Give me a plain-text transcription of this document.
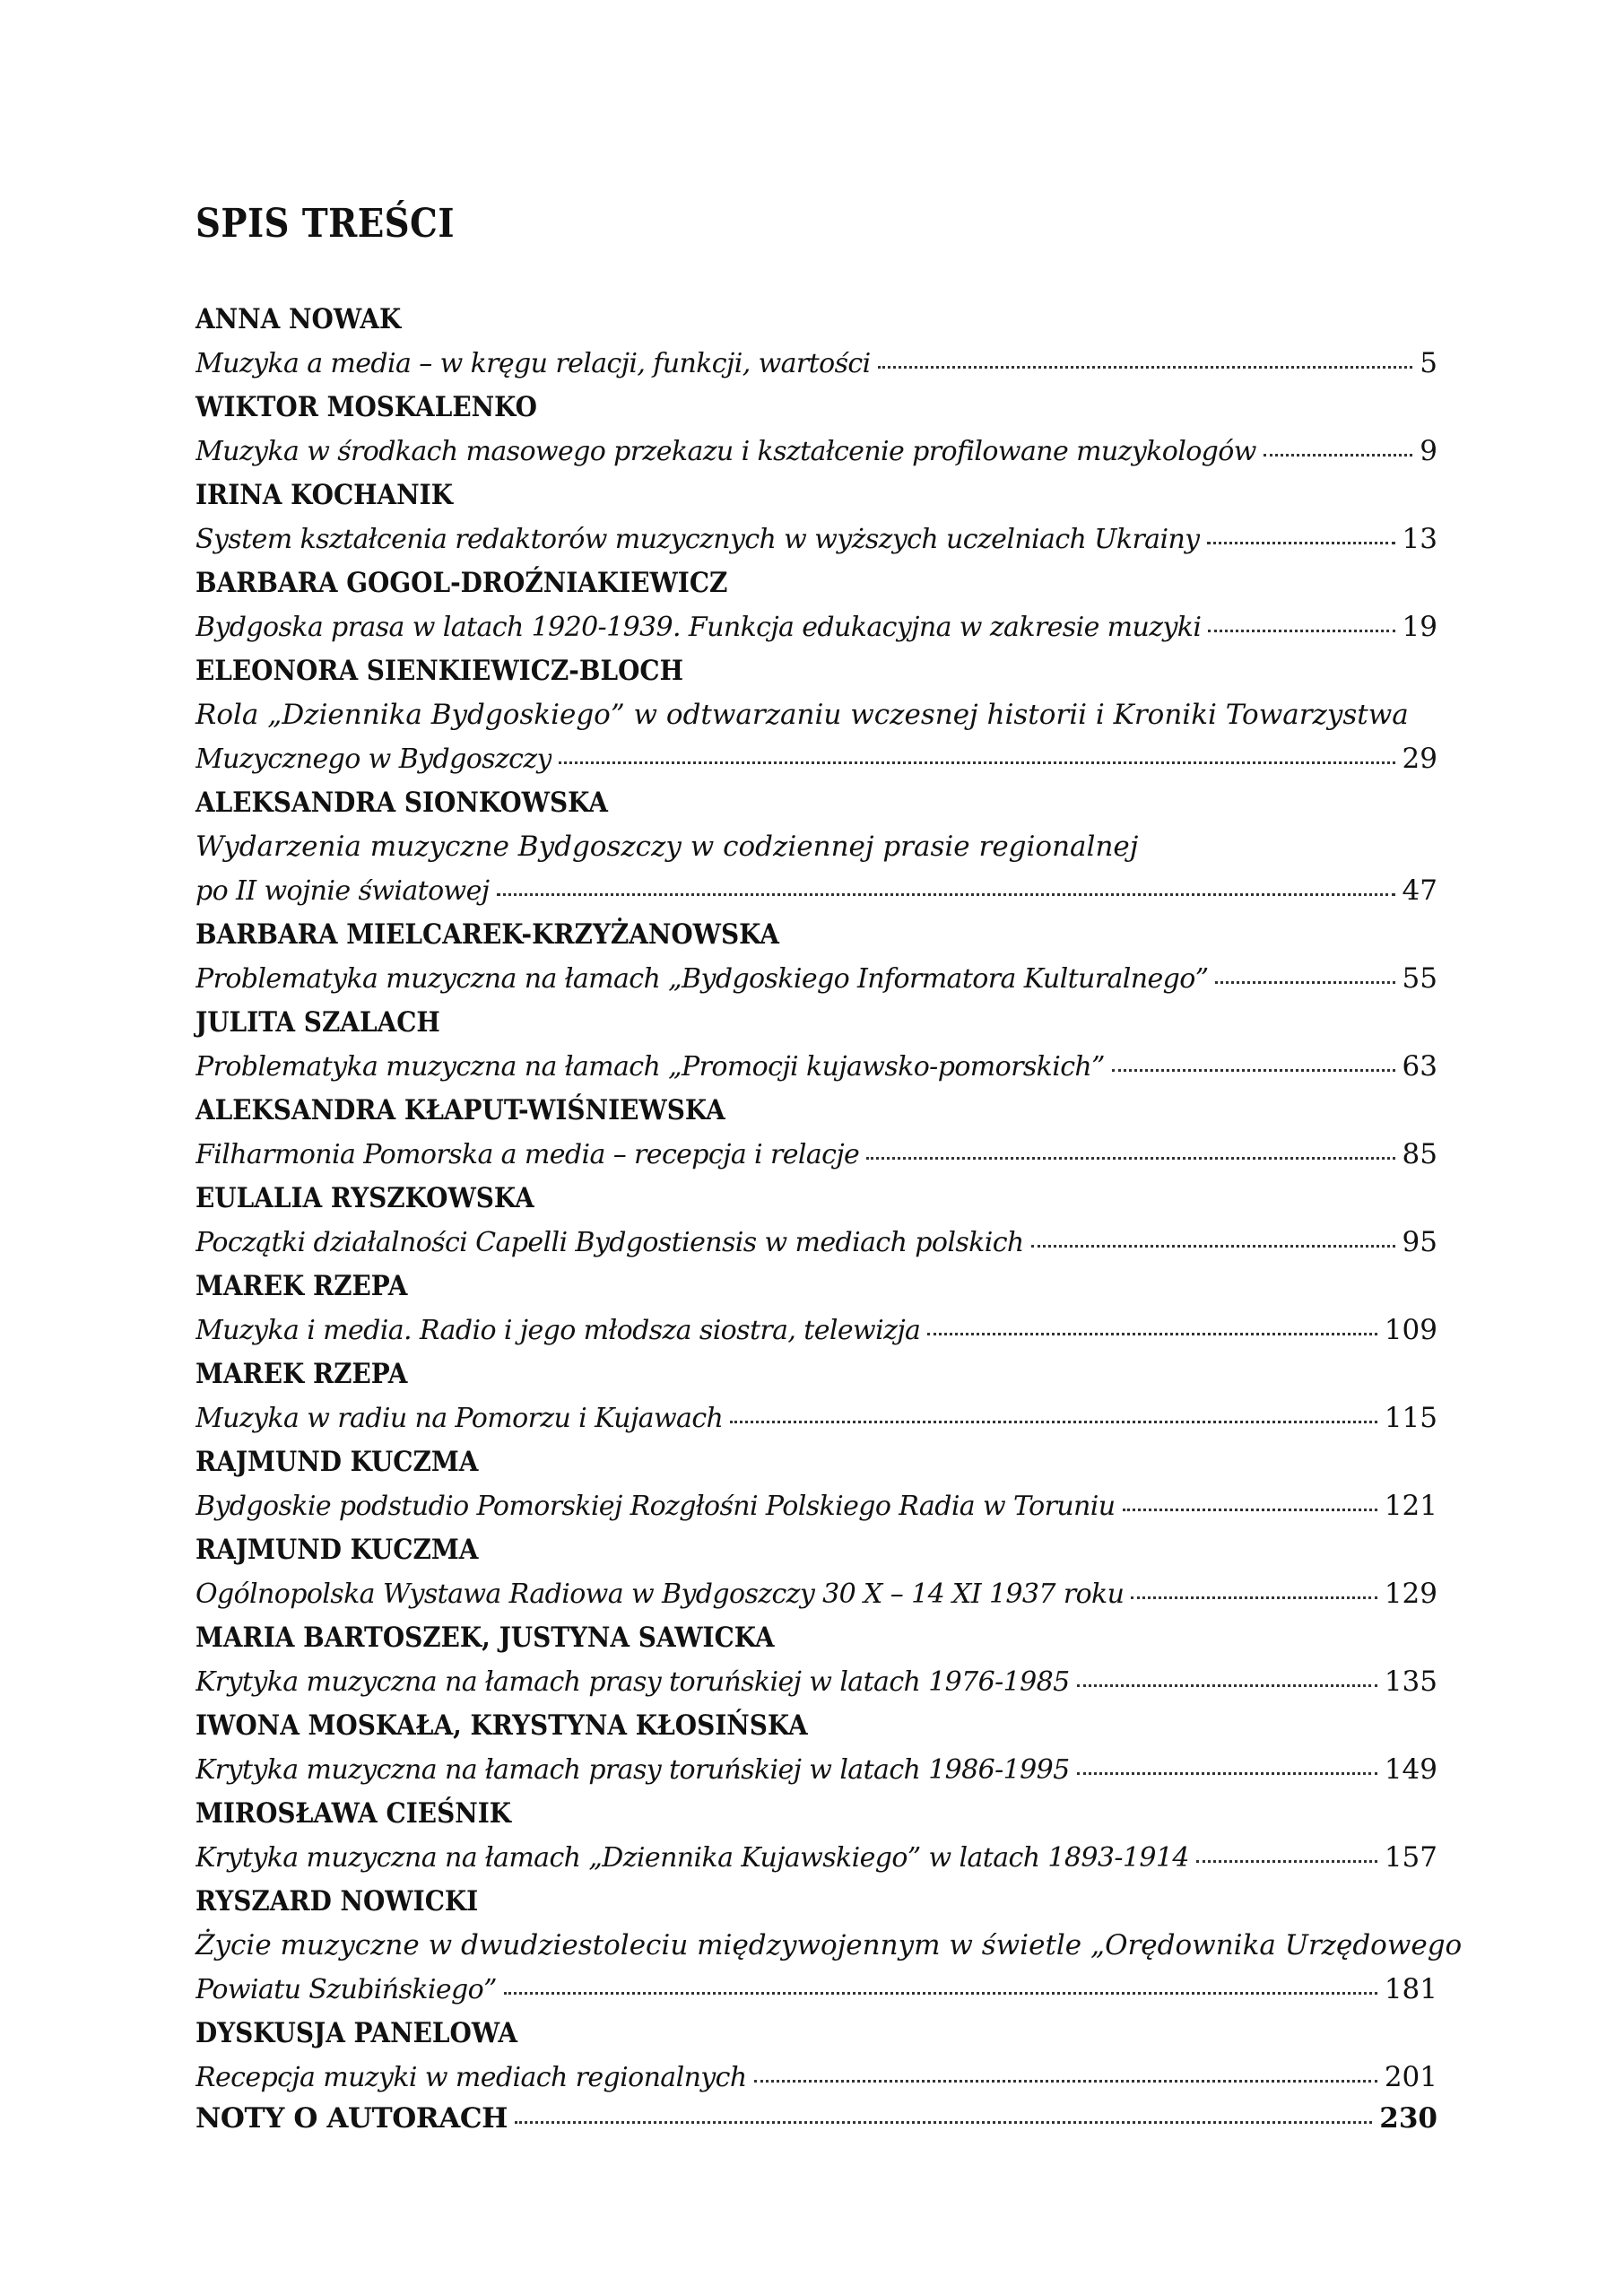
SPIS TREŚCI
ANNA NOWAK
Muzyka a media – w kręgu relacji, funkcji, wartości	5
WIKTOR MOSKALENKO
Muzyka w środkach masowego przekazu i kształcenie profilowane muzykologów	9
IRINA KOCHANIK
System kształcenia redaktorów muzycznych w wyższych uczelniach Ukrainy	13
BARBARA GOGOL-DROŹNIAKIEWICZ
Bydgoska prasa w latach 1920-1939. Funkcja edukacyjna w zakresie muzyki	19
ELEONORA SIENKIEWICZ-BLOCH
Rola „Dziennika Bydgoskiego” w odtwarzaniu wczesnej historii i Kroniki Towarzystwa
Muzycznego w Bydgoszczy	29
ALEKSANDRA SIONKOWSKA
Wydarzenia muzyczne Bydgoszczy w codziennej prasie regionalnej
po II wojnie światowej	47
BARBARA MIELCAREK-KRZYŻANOWSKA
Problematyka muzyczna na łamach „Bydgoskiego Informatora Kulturalnego”	55
JULITA SZALACH
Problematyka muzyczna na łamach „Promocji kujawsko-pomorskich”	63
ALEKSANDRA KŁAPUT-WIŚNIEWSKA
Filharmonia Pomorska a media – recepcja i relacje	85
EULALIA RYSZKOWSKA
Początki działalności Capelli Bydgostiensis w mediach polskich	95
MAREK RZEPA
Muzyka i media. Radio i jego młodsza siostra, telewizja	109
MAREK RZEPA
Muzyka w radiu na Pomorzu i Kujawach	115
RAJMUND KUCZMA
Bydgoskie podstudio Pomorskiej Rozgłośni Polskiego Radia w Toruniu	121
RAJMUND KUCZMA
Ogólnopolska Wystawa Radiowa w Bydgoszczy 30 X – 14 XI 1937 roku	129
MARIA BARTOSZEK, JUSTYNA SAWICKA
Krytyka muzyczna na łamach prasy toruńskiej w latach 1976-1985	135
IWONA MOSKAŁA, KRYSTYNA KŁOSIŃSKA
Krytyka muzyczna na łamach prasy toruńskiej w latach 1986-1995	149
MIROSŁAWA CIEŚNIK
Krytyka muzyczna na łamach „Dziennika Kujawskiego” w latach 1893-1914	157
RYSZARD NOWICKI
Życie muzyczne w dwudziestoleciu międzywojennym w świetle „Orędownika Urzędowego
Powiatu Szubińskiego”	181
DYSKUSJA PANELOWA
Recepcja muzyki w mediach regionalnych	201
NOTY O AUTORACH	230
